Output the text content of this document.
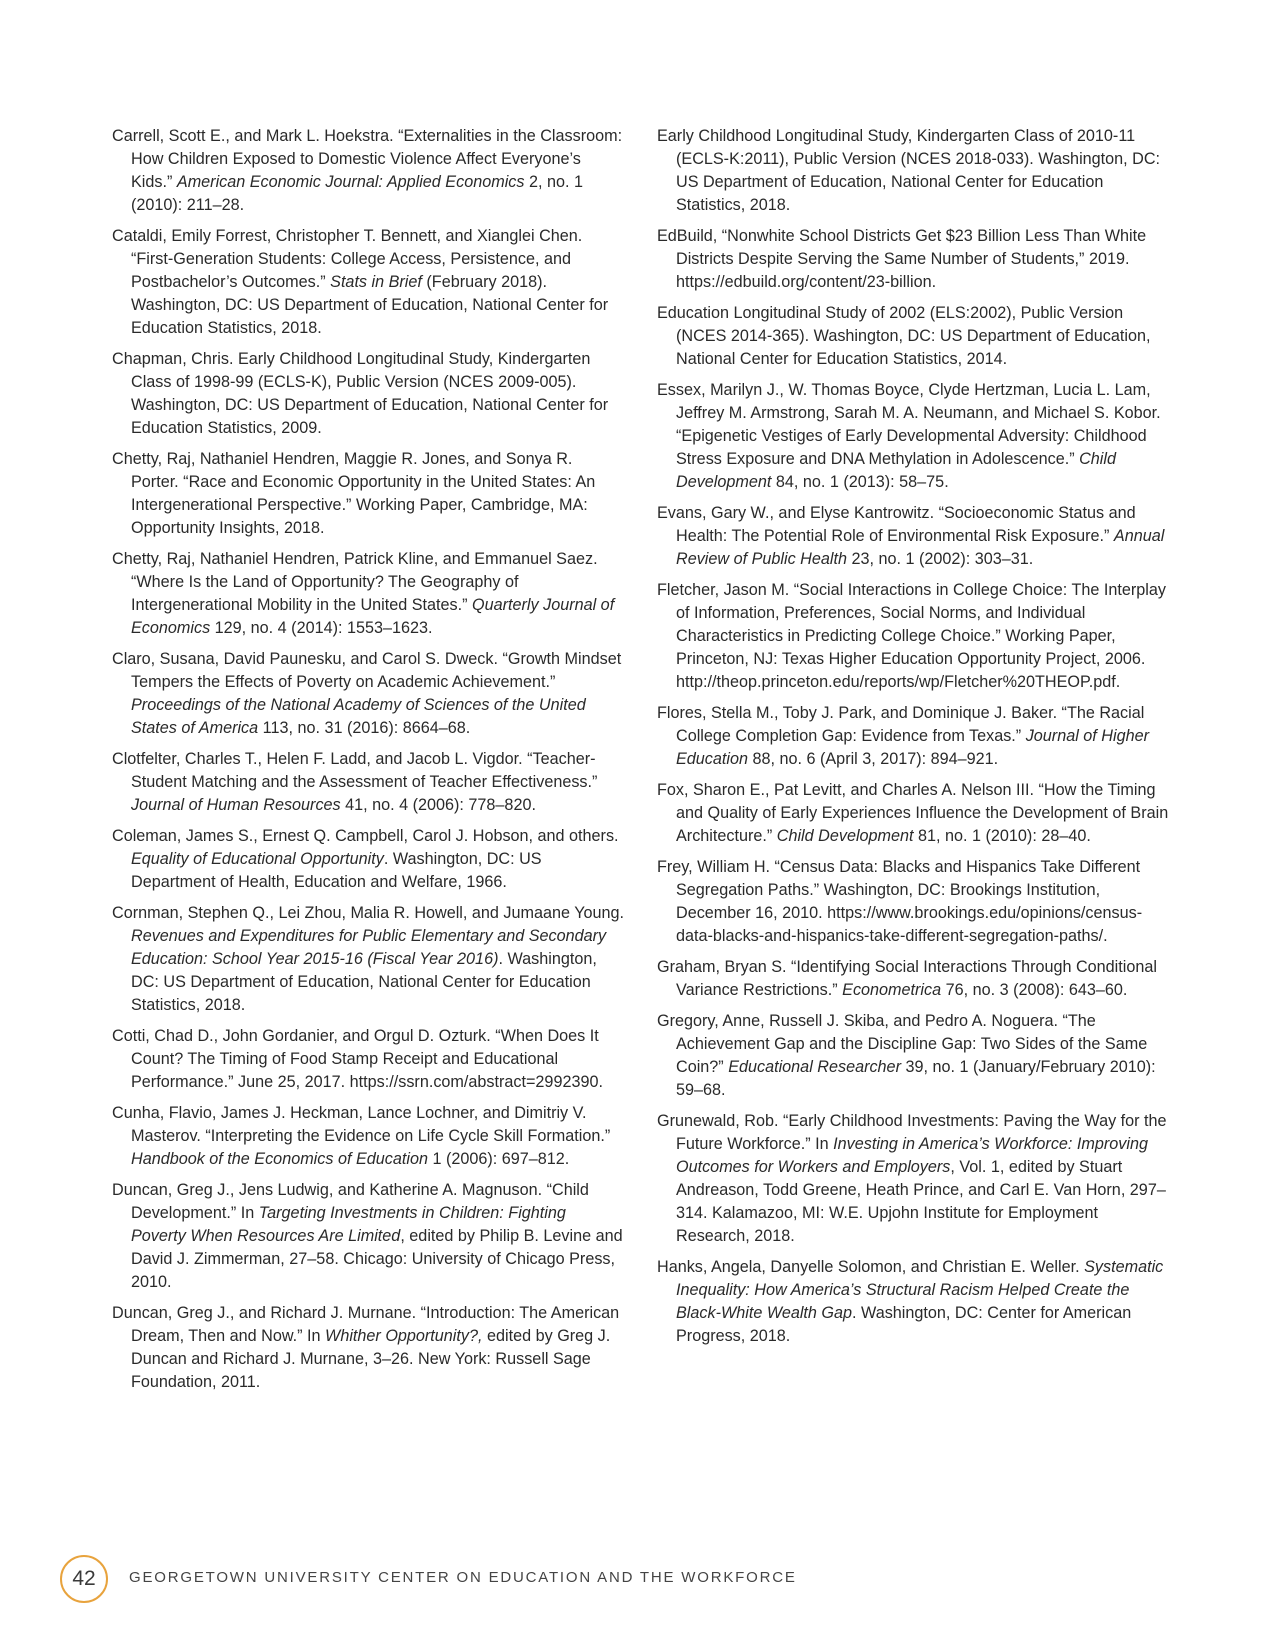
Carrell, Scott E., and Mark L. Hoekstra. “Externalities in the Classroom: How Children Exposed to Domestic Violence Affect Everyone’s Kids.” American Economic Journal: Applied Economics 2, no. 1 (2010): 211–28.

Cataldi, Emily Forrest, Christopher T. Bennett, and Xianglei Chen. “First-Generation Students: College Access, Persistence, and Postbachelor’s Outcomes.” Stats in Brief (February 2018). Washington, DC: US Department of Education, National Center for Education Statistics, 2018.

Chapman, Chris. Early Childhood Longitudinal Study, Kindergarten Class of 1998-99 (ECLS-K), Public Version (NCES 2009-005). Washington, DC: US Department of Education, National Center for Education Statistics, 2009.

Chetty, Raj, Nathaniel Hendren, Maggie R. Jones, and Sonya R. Porter. “Race and Economic Opportunity in the United States: An Intergenerational Perspective.” Working Paper, Cambridge, MA: Opportunity Insights, 2018.

Chetty, Raj, Nathaniel Hendren, Patrick Kline, and Emmanuel Saez. “Where Is the Land of Opportunity? The Geography of Intergenerational Mobility in the United States.” Quarterly Journal of Economics 129, no. 4 (2014): 1553–1623.

Claro, Susana, David Paunesku, and Carol S. Dweck. “Growth Mindset Tempers the Effects of Poverty on Academic Achievement.” Proceedings of the National Academy of Sciences of the United States of America 113, no. 31 (2016): 8664–68.

Clotfelter, Charles T., Helen F. Ladd, and Jacob L. Vigdor. “Teacher-Student Matching and the Assessment of Teacher Effectiveness.” Journal of Human Resources 41, no. 4 (2006): 778–820.

Coleman, James S., Ernest Q. Campbell, Carol J. Hobson, and others. Equality of Educational Opportunity. Washington, DC: US Department of Health, Education and Welfare, 1966.

Cornman, Stephen Q., Lei Zhou, Malia R. Howell, and Jumaane Young. Revenues and Expenditures for Public Elementary and Secondary Education: School Year 2015-16 (Fiscal Year 2016). Washington, DC: US Department of Education, National Center for Education Statistics, 2018.

Cotti, Chad D., John Gordanier, and Orgul D. Ozturk. “When Does It Count? The Timing of Food Stamp Receipt and Educational Performance.” June 25, 2017. https://ssrn.com/abstract=2992390.

Cunha, Flavio, James J. Heckman, Lance Lochner, and Dimitriy V. Masterov. “Interpreting the Evidence on Life Cycle Skill Formation.” Handbook of the Economics of Education 1 (2006): 697–812.

Duncan, Greg J., Jens Ludwig, and Katherine A. Magnuson. “Child Development.” In Targeting Investments in Children: Fighting Poverty When Resources Are Limited, edited by Philip B. Levine and David J. Zimmerman, 27–58. Chicago: University of Chicago Press, 2010.

Duncan, Greg J., and Richard J. Murnane. “Introduction: The American Dream, Then and Now.” In Whither Opportunity?, edited by Greg J. Duncan and Richard J. Murnane, 3–26. New York: Russell Sage Foundation, 2011.

Early Childhood Longitudinal Study, Kindergarten Class of 2010-11 (ECLS-K:2011), Public Version (NCES 2018-033). Washington, DC: US Department of Education, National Center for Education Statistics, 2018.

EdBuild, “Nonwhite School Districts Get $23 Billion Less Than White Districts Despite Serving the Same Number of Students,” 2019. https://edbuild.org/content/23-billion.

Education Longitudinal Study of 2002 (ELS:2002), Public Version (NCES 2014-365). Washington, DC: US Department of Education, National Center for Education Statistics, 2014.

Essex, Marilyn J., W. Thomas Boyce, Clyde Hertzman, Lucia L. Lam, Jeffrey M. Armstrong, Sarah M. A. Neumann, and Michael S. Kobor. “Epigenetic Vestiges of Early Developmental Adversity: Childhood Stress Exposure and DNA Methylation in Adolescence.” Child Development 84, no. 1 (2013): 58–75.

Evans, Gary W., and Elyse Kantrowitz. “Socioeconomic Status and Health: The Potential Role of Environmental Risk Exposure.” Annual Review of Public Health 23, no. 1 (2002): 303–31.

Fletcher, Jason M. “Social Interactions in College Choice: The Interplay of Information, Preferences, Social Norms, and Individual Characteristics in Predicting College Choice.” Working Paper, Princeton, NJ: Texas Higher Education Opportunity Project, 2006. http://theop.princeton.edu/reports/wp/Fletcher%20THEOP.pdf.

Flores, Stella M., Toby J. Park, and Dominique J. Baker. “The Racial College Completion Gap: Evidence from Texas.” Journal of Higher Education 88, no. 6 (April 3, 2017): 894–921.

Fox, Sharon E., Pat Levitt, and Charles A. Nelson III. “How the Timing and Quality of Early Experiences Influence the Development of Brain Architecture.” Child Development 81, no. 1 (2010): 28–40.

Frey, William H. “Census Data: Blacks and Hispanics Take Different Segregation Paths.” Washington, DC: Brookings Institution, December 16, 2010. https://www.brookings.edu/opinions/census-data-blacks-and-hispanics-take-different-segregation-paths/.

Graham, Bryan S. “Identifying Social Interactions Through Conditional Variance Restrictions.” Econometrica 76, no. 3 (2008): 643–60.

Gregory, Anne, Russell J. Skiba, and Pedro A. Noguera. “The Achievement Gap and the Discipline Gap: Two Sides of the Same Coin?” Educational Researcher 39, no. 1 (January/February 2010): 59–68.

Grunewald, Rob. “Early Childhood Investments: Paving the Way for the Future Workforce.” In Investing in America’s Workforce: Improving Outcomes for Workers and Employers, Vol. 1, edited by Stuart Andreason, Todd Greene, Heath Prince, and Carl E. Van Horn, 297–314. Kalamazoo, MI: W.E. Upjohn Institute for Employment Research, 2018.

Hanks, Angela, Danyelle Solomon, and Christian E. Weller. Systematic Inequality: How America’s Structural Racism Helped Create the Black-White Wealth Gap. Washington, DC: Center for American Progress, 2018.

42 GEORGETOWN UNIVERSITY CENTER ON EDUCATION AND THE WORKFORCE
